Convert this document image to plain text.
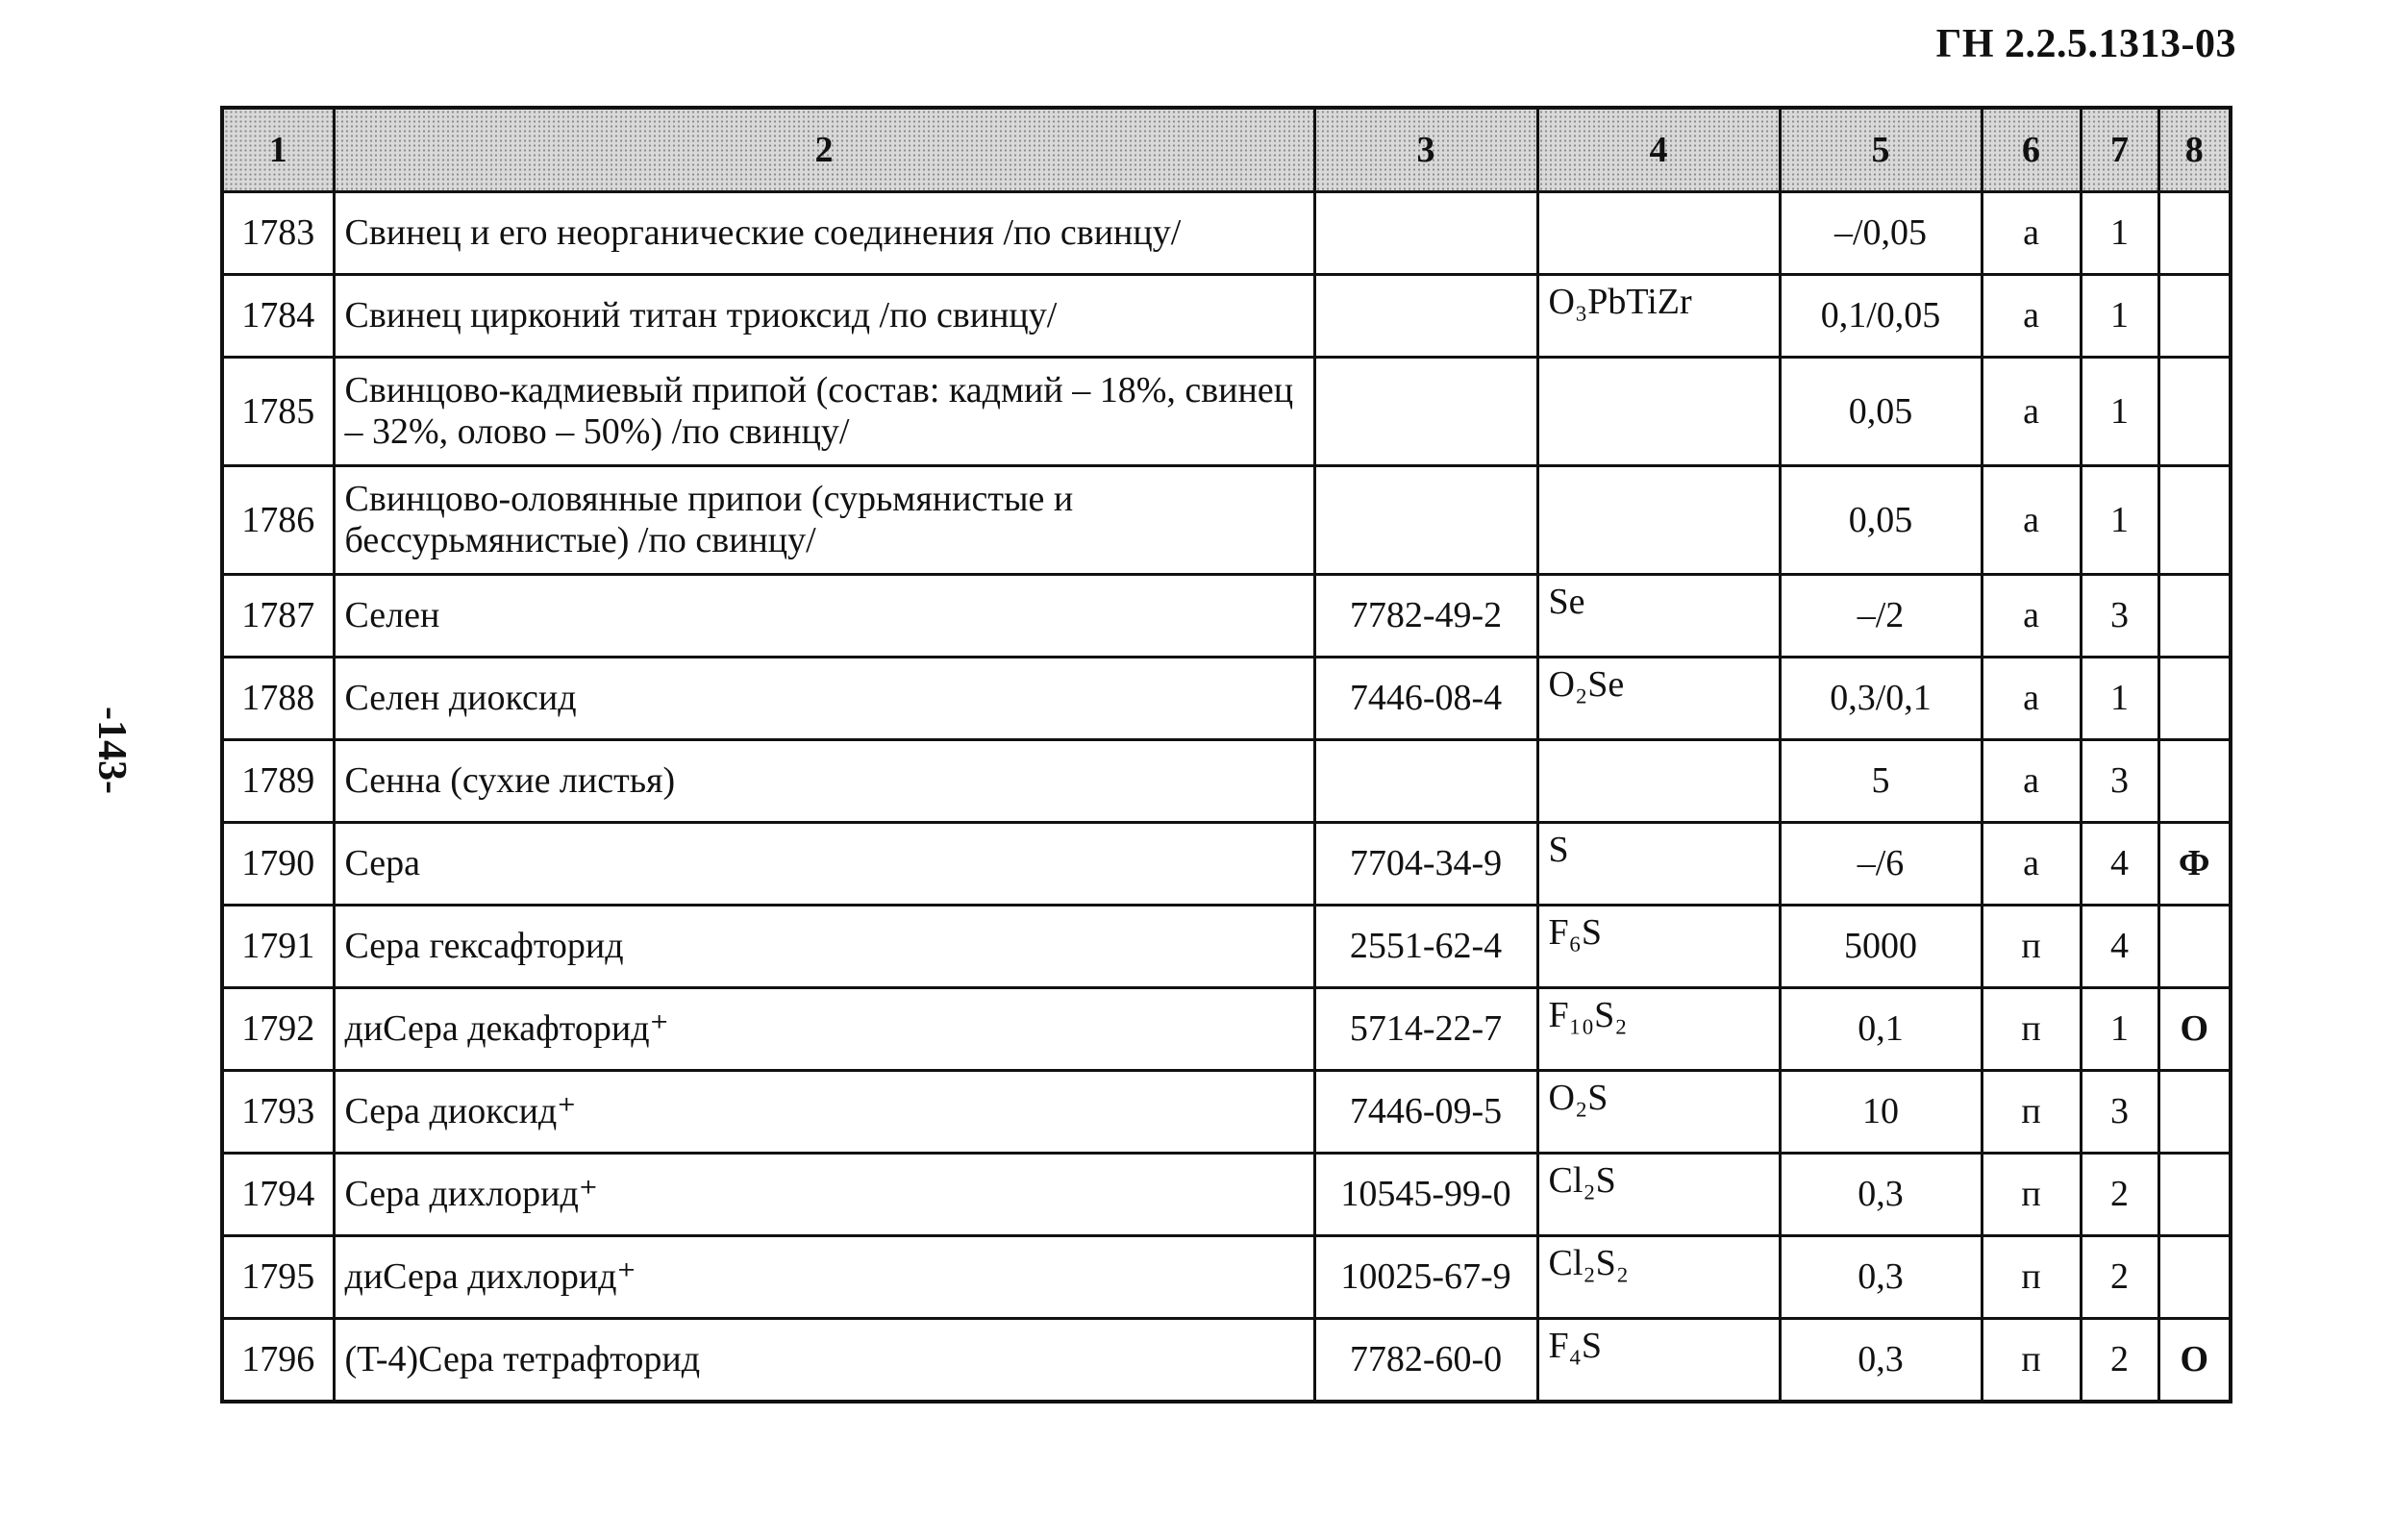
ГН 2.2.5.1313-03
-143-
1	2	3	4	5	6	7	8
1783	Свинец и его неорганические соединения /по свинцу/			–/0,05	а	1	
1784	Свинец цирконий титан триоксид /по свинцу/		O₃PbTiZr	0,1/0,05	а	1	
1785	Свинцово-кадмиевый припой (состав: кадмий – 18%, свинец – 32%, олово – 50%) /по свинцу/			0,05	а	1	
1786	Свинцово-оловянные припои (сурьмянистые и бессурьмянистые) /по свинцу/			0,05	а	1	
1787	Селен	7782-49-2	Se	–/2	а	3	
1788	Селен диоксид	7446-08-4	O₂Se	0,3/0,1	а	1	
1789	Сенна (сухие листья)			5	а	3	
1790	Сера	7704-34-9	S	–/6	а	4	Ф
1791	Сера гексафторид	2551-62-4	F₆S	5000	п	4	
1792	диСера декафторид⁺	5714-22-7	F₁₀S₂	0,1	п	1	О
1793	Сера диоксид⁺	7446-09-5	O₂S	10	п	3	
1794	Сера дихлорид⁺	10545-99-0	Cl₂S	0,3	п	2	
1795	диСера дихлорид⁺	10025-67-9	Cl₂S₂	0,3	п	2	
1796	(T-4)Сера тетрафторид	7782-60-0	F₄S	0,3	п	2	О
